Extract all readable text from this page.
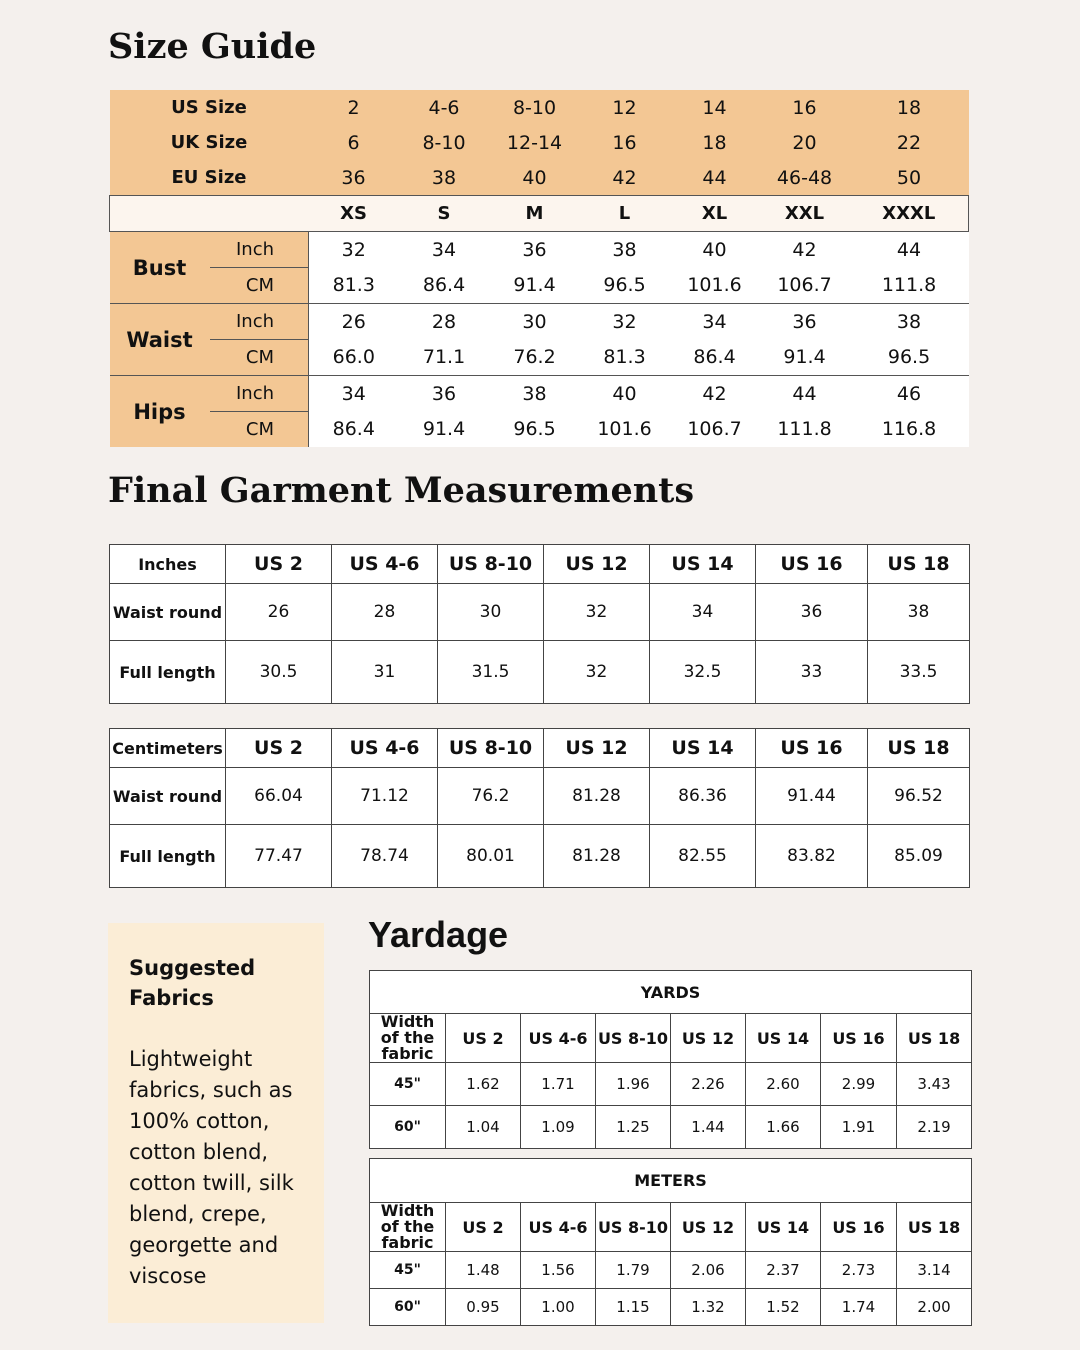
Size Guide
US Size		2	4-6	8-10	12	14	16	18
UK Size		6	8-10	12-14	16	18	20	22
EU Size		36	38	40	42	44	46-48	50
		XS	S	M	L	XL	XXL	XXXL
Bust	Inch	32	34	36	38	40	42	44
	CM	81.3	86.4	91.4	96.5	101.6	106.7	111.8
Waist	Inch	26	28	30	32	34	36	38
	CM	66.0	71.1	76.2	81.3	86.4	91.4	96.5
Hips	Inch	34	36	38	40	42	44	46
	CM	86.4	91.4	96.5	101.6	106.7	111.8	116.8
Final Garment Measurements
Inches	US 2	US 4-6	US 8-10	US 12	US 14	US 16	US 18
Waist round	26	28	30	32	34	36	38
Full length	30.5	31	31.5	32	32.5	33	33.5
Centimeters	US 2	US 4-6	US 8-10	US 12	US 14	US 16	US 18
Waist round	66.04	71.12	76.2	81.28	86.36	91.44	96.52
Full length	77.47	78.74	80.01	81.28	82.55	83.82	85.09
Suggested Fabrics
Lightweight fabrics, such as 100% cotton, cotton blend, cotton twill, silk blend, crepe, georgette and viscose
Yardage
YARDS							
Width of the fabric	US 2	US 4-6	US 8-10	US 12	US 14	US 16	US 18
45"	1.62	1.71	1.96	2.26	2.60	2.99	3.43
60"	1.04	1.09	1.25	1.44	1.66	1.91	2.19
METERS							
Width of the fabric	US 2	US 4-6	US 8-10	US 12	US 14	US 16	US 18
45"	1.48	1.56	1.79	2.06	2.37	2.73	3.14
60"	0.95	1.00	1.15	1.32	1.52	1.74	2.00
